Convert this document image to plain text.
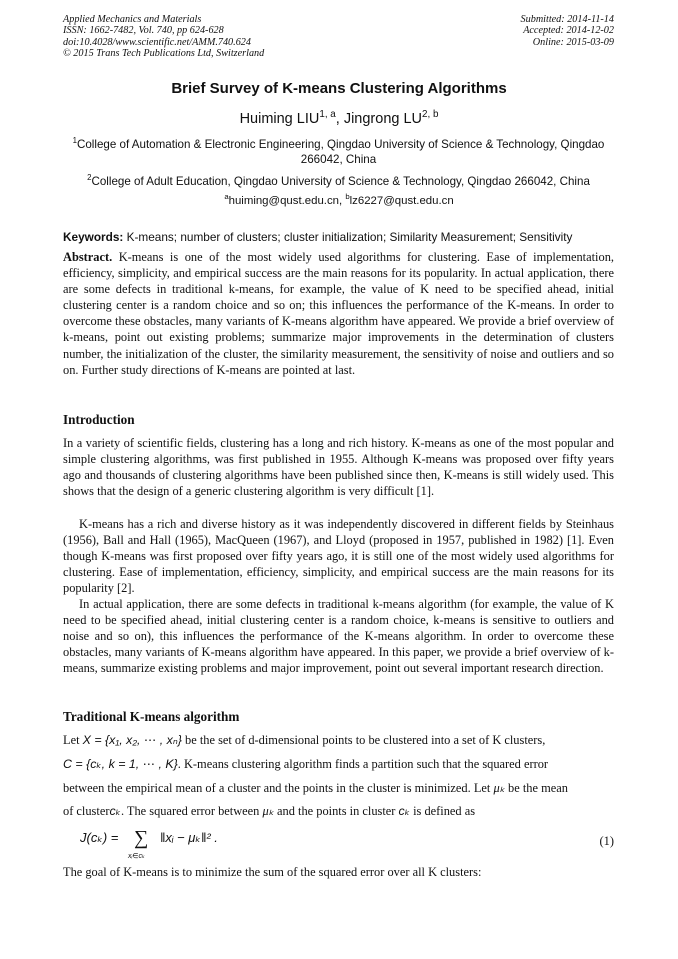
Applied Mechanics and Materials
ISSN: 1662-7482, Vol. 740, pp 624-628
doi:10.4028/www.scientific.net/AMM.740.624
© 2015 Trans Tech Publications Ltd, Switzerland
Submitted: 2014-11-14
Accepted: 2014-12-02
Online: 2015-03-09
Brief Survey of K-means Clustering Algorithms
Huiming LIU$^{1, a}$, Jingrong LU$^{2, b}$
$^1$College of Automation & Electronic Engineering, Qingdao University of Science & Technology, Qingdao 266042, China
$^2$College of Adult Education, Qingdao University of Science & Technology, Qingdao 266042, China
$^a$huiming@qust.edu.cn, $^b$lz6227@qust.edu.cn
Keywords: K-means; number of clusters; cluster initialization; Similarity Measurement; Sensitivity
Abstract. K-means is one of the most widely used algorithms for clustering. Ease of implementation, efficiency, simplicity, and empirical success are the main reasons for its popularity. In actual application, there are some defects in traditional k-means, for example, the value of K need to be specified ahead, initial clustering center is a random choice and so on; this influences the performance of the K-means. In order to overcome these obstacles, many variants of K-means algorithm have appeared. We provide a brief overview of k-means, point out existing problems; summarize major improvements in the determination of clusters number, the initialization of the cluster, the similarity measurement, the sensitivity of noise and outliers and so on. Further study directions of K-means are pointed at last.
Introduction
In a variety of scientific fields, clustering has a long and rich history. K-means as one of the most popular and simple clustering algorithms, was first published in 1955. Although K-means was proposed over fifty years ago and thousands of clustering algorithms have been published since then, K-means is still widely used. This shows that the design of a generic clustering algorithm is very difficult [1].
K-means has a rich and diverse history as it was independently discovered in different fields by Steinhaus (1956), Ball and Hall (1965), MacQueen (1967), and Lloyd (proposed in 1957, published in 1982) [1]. Even though K-means was first proposed over fifty years ago, it is still one of the most widely used algorithms for clustering. Ease of implementation, efficiency, simplicity, and empirical success are the main reasons for its popularity [2].
In actual application, there are some defects in traditional k-means algorithm (for example, the value of K need to be specified ahead, initial clustering center is a random choice, k-means is sensitive to outliers and noise and so on), this influences the performance of the K-means algorithm. In order to overcome these obstacles, many variants of K-means algorithm have appeared. In this paper, we provide a brief overview of k-means, summarize existing problems and major improvement, point out several important research direction.
Traditional K-means algorithm
Let X = {x₁, x₂, ⋯ , xₙ} be the set of d-dimensional points to be clustered into a set of K clusters,
C = {cₖ, k = 1, ⋯ , K}. K-means clustering algorithm finds a partition such that the squared error
between the empirical mean of a cluster and the points in the cluster is minimized. Let μₖ be the mean
of clustercₖ. The squared error between μₖ and the points in cluster cₖ is defined as
J(cₖ) = ∑
xᵢ∈cₖ
‖xᵢ − μₖ‖² .	(1)
The goal of K-means is to minimize the sum of the squared error over all K clusters:
